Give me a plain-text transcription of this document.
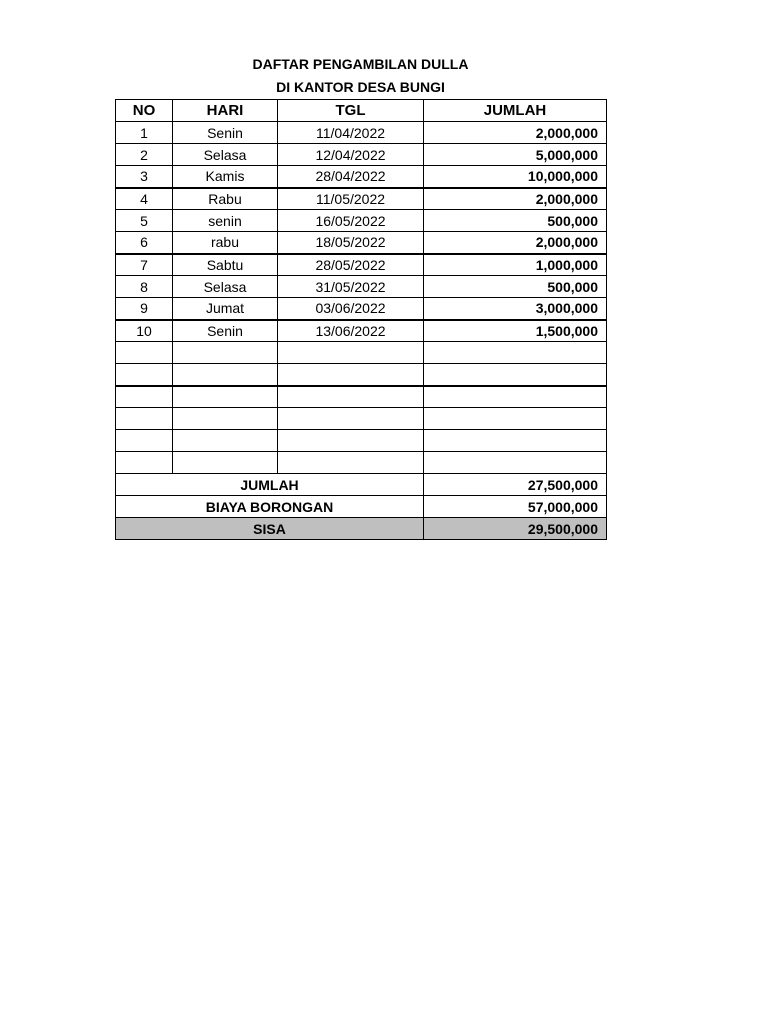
DAFTAR PENGAMBILAN DULLA
DI KANTOR DESA BUNGI
NO	HARI	TGL	JUMLAH
1	Senin	11/04/2022	2,000,000
2	Selasa	12/04/2022	5,000,000
3	Kamis	28/04/2022	10,000,000
4	Rabu	11/05/2022	2,000,000
5	senin	16/05/2022	500,000
6	rabu	18/05/2022	2,000,000
7	Sabtu	28/05/2022	1,000,000
8	Selasa	31/05/2022	500,000
9	Jumat	03/06/2022	3,000,000
10	Senin	13/06/2022	1,500,000

JUMLAH			27,500,000
BIAYA BORONGAN			57,000,000
SISA			29,500,000
